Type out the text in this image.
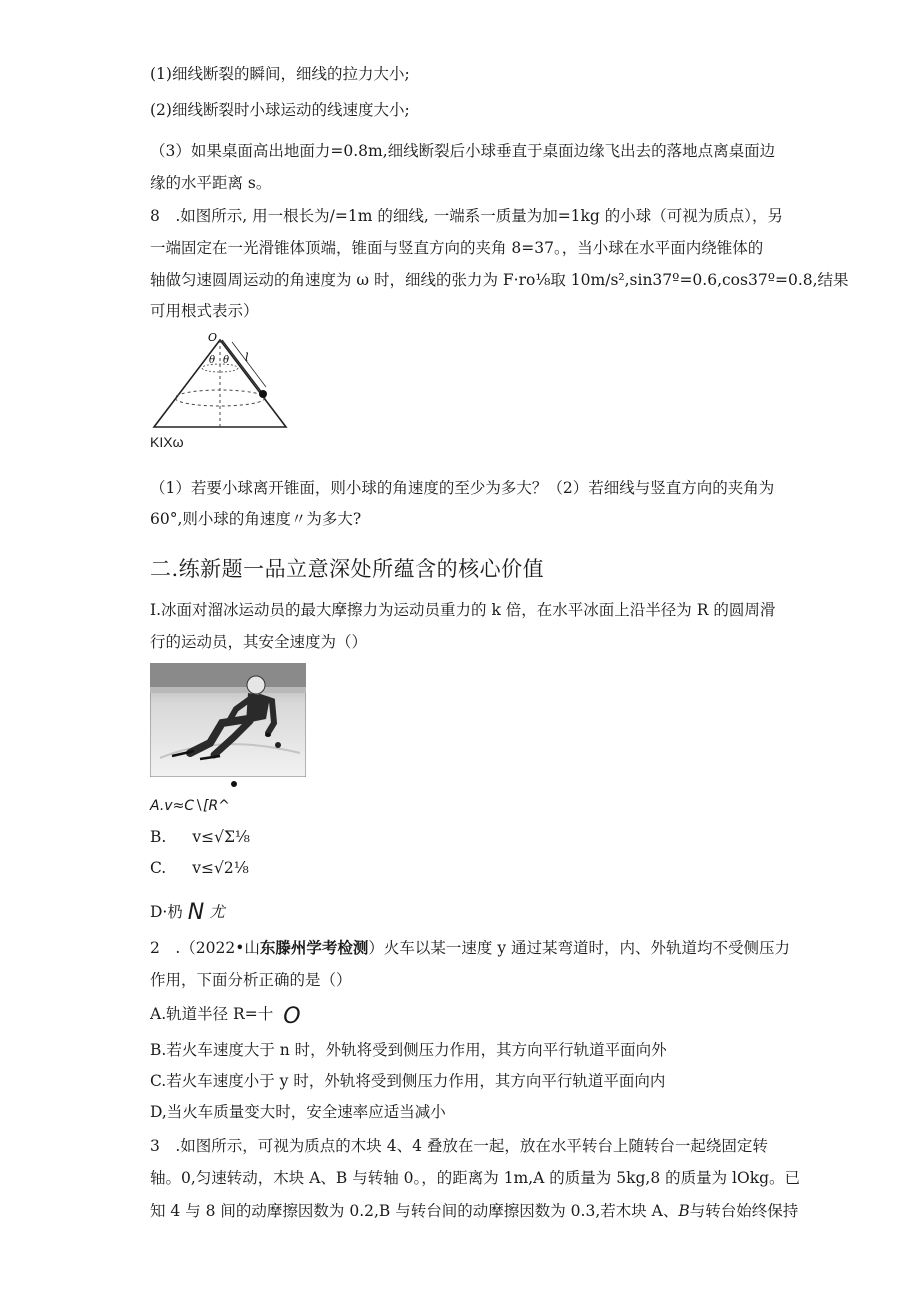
(1)细线断裂的瞬间，细线的拉力大小;
(2)细线断裂时小球运动的线速度大小;
（3）如果桌面高出地面力=0.8m,细线断裂后小球垂直于桌面边缘飞出去的落地点离桌面边
缘的水平距离 s。
8　.如图所示, 用一根长为/=1m 的细线, 一端系一质量为加=1kg 的小球（可视为质点），另
一端固定在一光滑锥体顶端，锥面与竖直方向的夹角 8=37。，当小球在水平面内绕锥体的
轴做匀速圆周运动的角速度为 ω 时，细线的张力为 F·ro⅛取 10m∕s²,sin37º=0.6,cos37º=0.8,结果
可用根式表示）
O
θ θ l
KIXω
（1）若要小球离开锥面，则小球的角速度的至少为多大？（2）若细线与竖直方向的夹角为
60°,则小球的角速度〃为多大?
二.练新题一品立意深处所蕴含的核心价值
I.冰面对溜冰运动员的最大摩擦力为运动员重力的 k 倍，在水平冰面上沿半径为 R 的圆周滑
行的运动员，其安全速度为（）
A.v≈C∖[R^
B. v≤√Σ⅛
C. v≤√2⅛
D·㭁 N 尤
2　.（2022•山东滕州学考检测）火车以某一速度 y 通过某弯道时，内、外轨道均不受侧压力
作用，下面分析正确的是（）
A.轨道半径 R=十 O
B.若火车速度大于 n 时，外轨将受到侧压力作用，其方向平行轨道平面向外
C.若火车速度小于 y 时，外轨将受到侧压力作用，其方向平行轨道平面向内
D,当火车质量变大时，安全速率应适当减小
3　.如图所示，可视为质点的木块 4、4 叠放在一起，放在水平转台上随转台一起绕固定转
轴。0,匀速转动，木块 A、B 与转轴 0。，的距离为 1m,A 的质量为 5kg,8 的质量为 lOkg。已
知 4 与 8 间的动摩擦因数为 0.2,B 与转台间的动摩擦因数为 0.3,若木块 A、B与转台始终保持
